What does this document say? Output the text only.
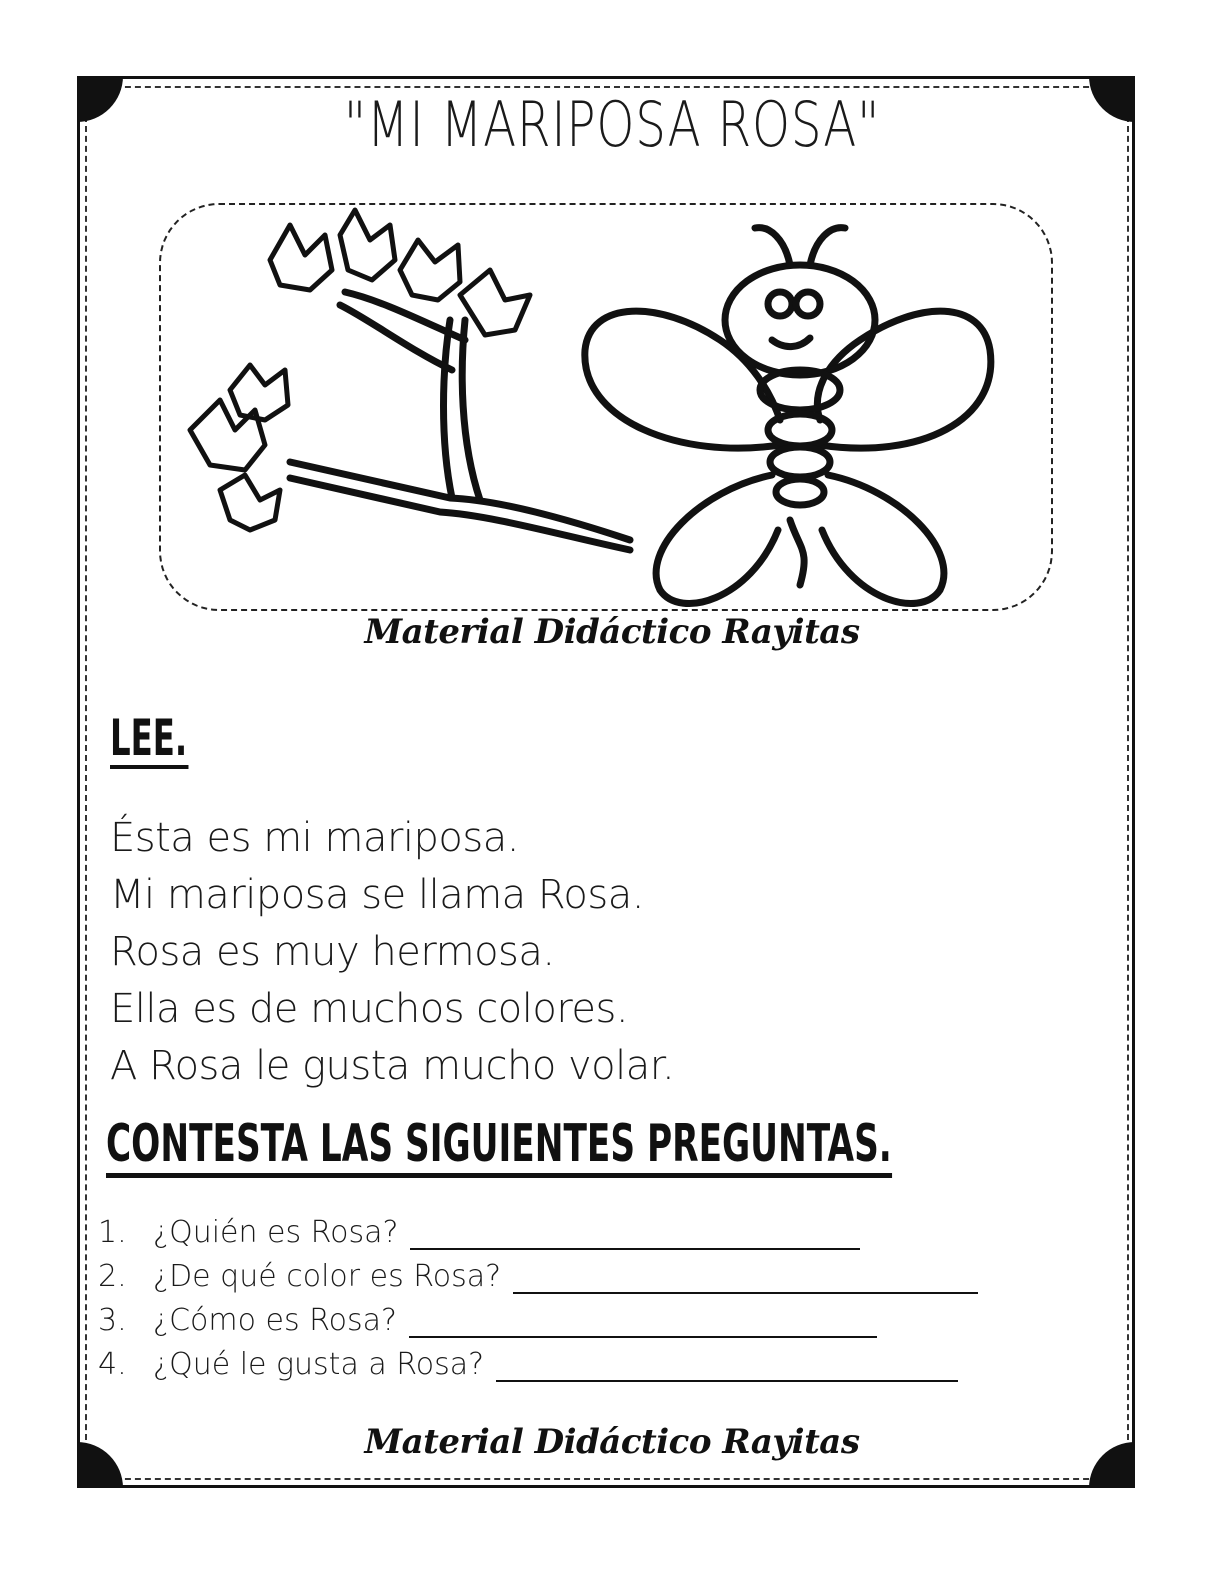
"MI MARIPOSA ROSA"
Material Didáctico Rayitas
LEE.
Ésta es mi mariposa.
Mi mariposa se llama Rosa.
Rosa es muy hermosa.
Ella es de muchos colores.
A Rosa le gusta mucho volar.
CONTESTA LAS SIGUIENTES PREGUNTAS.
1. ¿Quién es Rosa?
2. ¿De qué color es Rosa?
3. ¿Cómo es Rosa?
4. ¿Qué le gusta a Rosa?
Material Didáctico Rayitas
